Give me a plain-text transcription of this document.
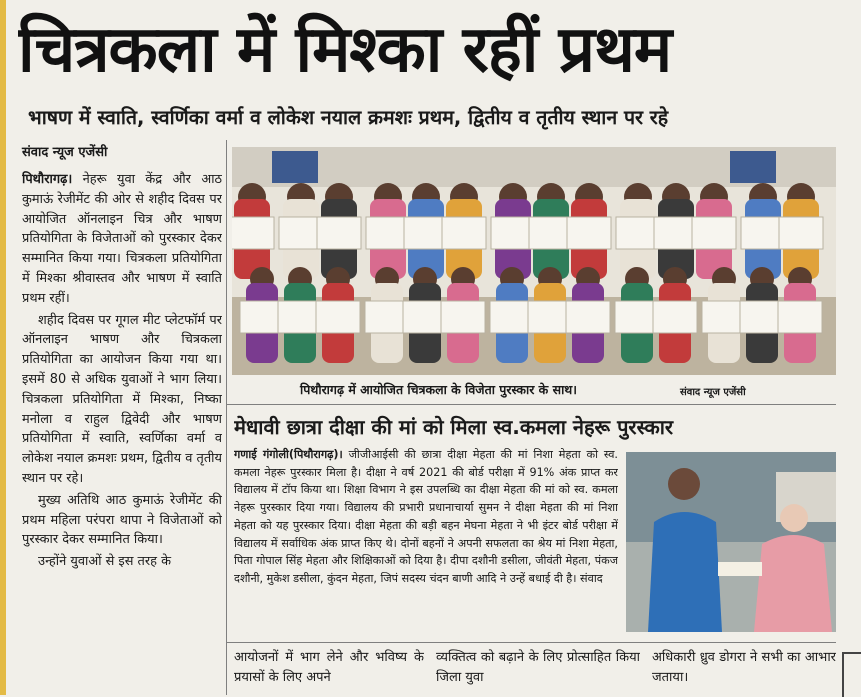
चित्रकला में मिश्का रहीं प्रथम
भाषण में स्वाति, स्वर्णिका वर्मा व लोकेश नयाल क्रमशः प्रथम, द्वितीय व तृतीय स्थान पर रहे
संवाद न्यूज एजेंसी

पिथौरागढ़। नेहरू युवा केंद्र और आठ कुमाऊं रेजीमेंट की ओर से शहीद दिवस पर आयोजित ऑनलाइन चित्र और भाषण प्रतियोगिता के विजेताओं को पुरस्कार देकर सम्मानित किया गया। चित्रकला प्रतियोगिता में मिश्का श्रीवास्तव और भाषण में स्वाति प्रथम रहीं।

शहीद दिवस पर गूगल मीट प्लेटफॉर्म पर ऑनलाइन भाषण और चित्रकला प्रतियोगिता का आयोजन किया गया था। इसमें 80 से अधिक युवाओं ने भाग लिया। चित्रकला प्रतियोगिता में मिश्का, निष्का मनोला व राहुल द्विवेदी और भाषण प्रतियोगिता में स्वाति, स्वर्णिका वर्मा व लोकेश नयाल क्रमशः प्रथम, द्वितीय व तृतीय स्थान पर रहे।

मुख्य अतिथि आठ कुमाऊं रेजीमेंट की प्रथम महिला परंपरा थापा ने विजेताओं को पुरस्कार देकर सम्मानित किया।

उन्होंने युवाओं से इस तरह के

पिथौरागढ़ में आयोजित चित्रकला के विजेता पुरस्कार के साथ।	संवाद न्यूज एजेंसी
मेधावी छात्रा दीक्षा की मां को मिला स्व.कमला नेहरू पुरस्कार
गणाई गंगोली(पिथौरागढ़)। जीजीआईसी की छात्रा दीक्षा मेहता की मां निशा मेहता को स्व. कमला नेहरू पुरस्कार मिला है। दीक्षा ने वर्ष 2021 की बोर्ड परीक्षा में 91% अंक प्राप्त कर विद्यालय में टॉप किया था। शिक्षा विभाग ने इस उपलब्धि का दीक्षा मेहता की मां को स्व. कमला नेहरू पुरस्कार दिया गया। विद्यालय की प्रभारी प्रधानाचार्या सुमन ने दीक्षा मेहता की मां निशा मेहता को यह पुरस्कार दिया। दीक्षा मेहता की बड़ी बहन मेघना मेहता ने भी इंटर बोर्ड परीक्षा में विद्यालय में सर्वाधिक अंक प्राप्त किए थे। दोनों बहनों ने अपनी सफलता का श्रेय मां निशा मेहता, पिता गोपाल सिंह मेहता और शिक्षिकाओं को दिया है। दीपा दशौनी डसीला, जीवंती मेहता, पंकज दशौनी, मुकेश डसीला, कुंदन मेहता, जिपं सदस्य चंदन बाणी आदि ने उन्हें बधाई दी है। संवाद
आयोजनों में भाग लेने और भविष्य के प्रयासों के लिए अपने
व्यक्तित्व को बढ़ाने के लिए प्रोत्साहित किया जिला युवा
अधिकारी ध्रुव डोगरा ने सभी का आभार जताया।
